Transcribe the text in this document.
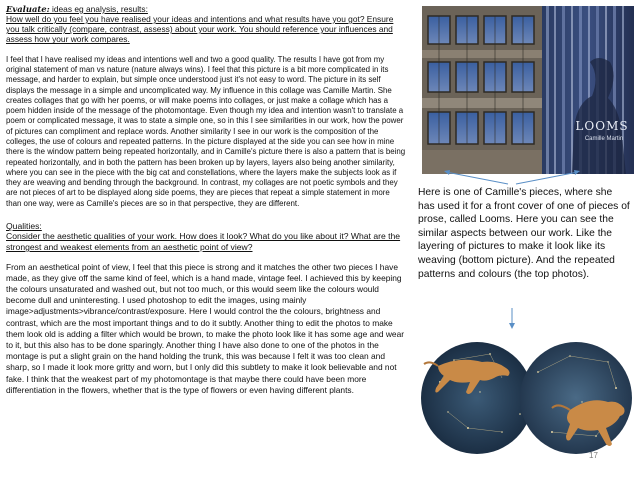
Evaluate: ideas eg analysis, results:

How well do you feel you have realised your ideas and intentions and what results have you got? Ensure you talk critically (compare, contrast, assess) about your work. You should reference your influences and assess how your work compares.

I feel that I have realised my ideas and intentions well and two a good quality. The results I have got from my original statement of man vs nature (nature always wins). I feel that this picture is a bit more complicated in its message, and harder to explain, but simple once understood just it's not easy to word. The picture in its self displays the message in a simple and uncomplicated way. My influence in this collage was Camille Martin. She creates collages that go with her poems, or will make poems into collages, or just make a collage which has a poem hidden inside of the message of the photomontage. Even though my idea and intention wasn't to translate a poem or complicated message, it was to state a simple one, so in this I see similarities in our work, how the power of pictures can compliment and replace words. Another similarity I see in our work is the composition of the colleges, the use of colours and repeated patterns. In the picture displayed at the side you can see how in mine there is the window pattern being repeated horizontally, and in Camille's picture there is also a pattern that is being repeated horizontally, and in both the pattern has been broken up by layers, layers also being another similarity, where you can see in the piece with the big cat and constellations, where the layers make the subjects look as if they are weaving and bending through the background. In contrast, my collages are not poetic symbols and they are not pieces of art to be displayed along side poems, they are pieces that repeat a simple statement in more than one way, were as Camille's pieces are so in that perspective, they are different.

Qualities:

Consider the aesthetic qualities of your work. How does it look? What do you like about it? What are the strongest and weakest elements from an aesthetic point of view?

From an aesthetical point of view, I feel that this piece is strong and it matches the other two pieces I have made, as they give off the same kind of feel, which is a hand made, vintage feel. I achieved this by keeping the colours unsaturated and washed out, but not too much, or this would seem like the colours would become dull and uninteresting. I used photoshop to edit the images, using mainly image>adjustments>vibrance/contrast/exposure. Here I would control the the colours, brightness and contrast, which are the most important things and to do it subtly. Another thing to edit the photos to make them look old is adding a filter which would be brown, to make the photo look like it has some age and wear to it, but this also has to be done sparingly. Another thing I have also done to one of the photos in the montage is put a slight grain on the hand holding the trunk, this was because I felt it was too clean and sharp, so I made it look more gritty and worn, but I only did this subtlety to make it look believable and not fake. I think that the weakest part of my photomontage is that maybe there could have been more differentiation in the flowers, whether that is the type of flowers or even having different plants.

LOOMS
Camille Martin

Here is one of Camille's pieces, where she has used it for a front cover of one of pieces of prose, called Looms. Here you can see the similar aspects between our work. Like the layering of pictures to make it look like its weaving (bottom picture). And the repeated patterns and colours (the top photos).

17
